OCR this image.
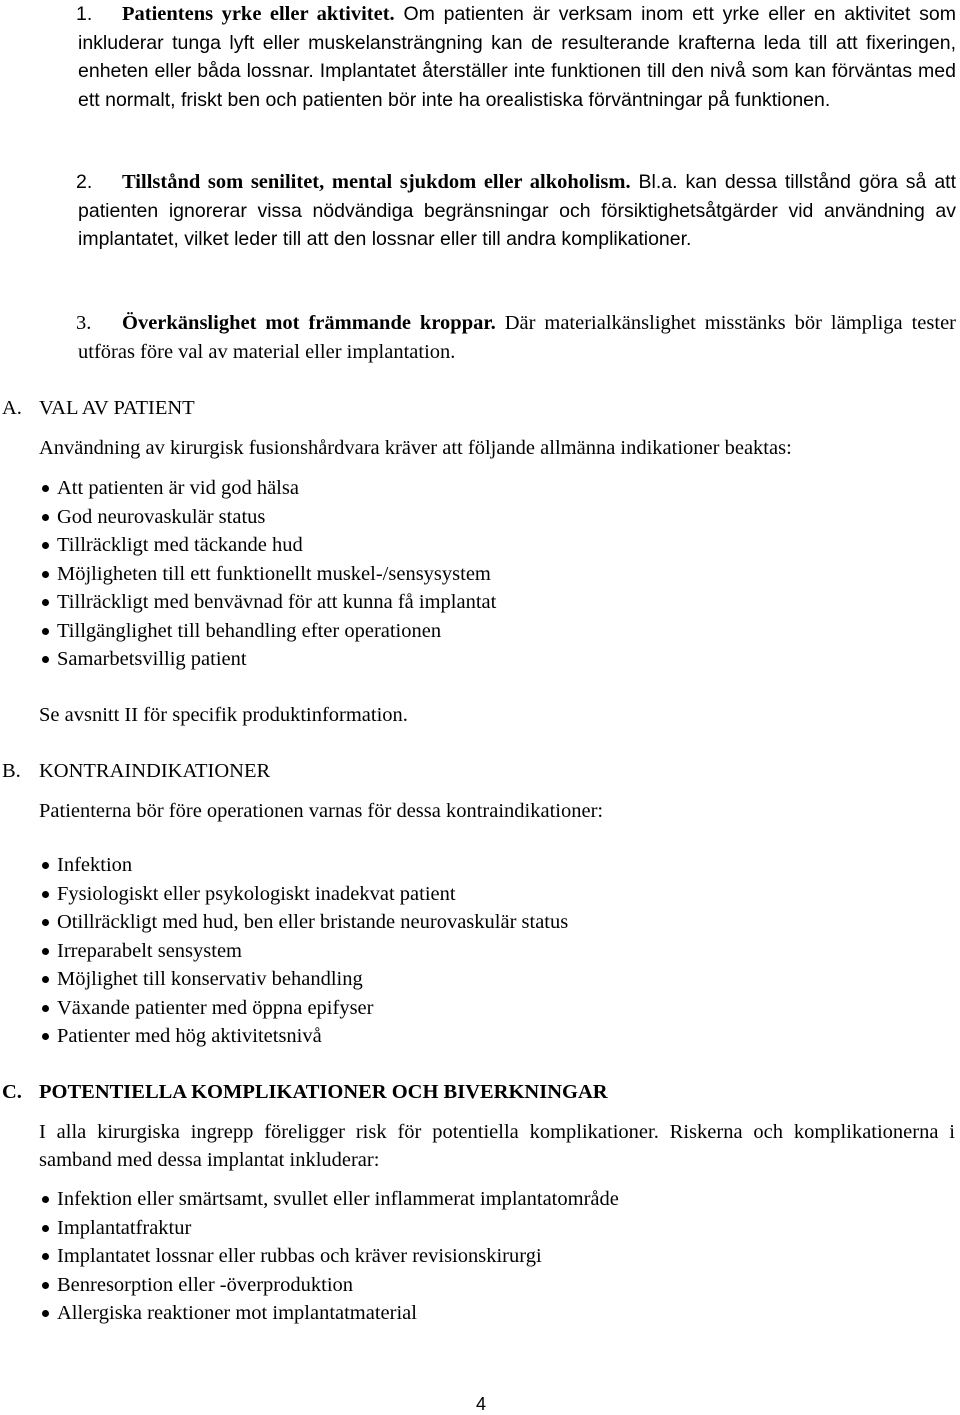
1.	Patientens yrke eller aktivitet. Om patienten är verksam inom ett yrke eller en aktivitet som inkluderar tunga lyft eller muskelansträngning kan de resulterande krafterna leda till att fixeringen, enheten eller båda lossnar. Implantatet återställer inte funktionen till den nivå som kan förväntas med ett normalt, friskt ben och patienten bör inte ha orealistiska förväntningar på funktionen.
2.	Tillstånd som senilitet, mental sjukdom eller alkoholism. Bl.a. kan dessa tillstånd göra så att patienten ignorerar vissa nödvändiga begränsningar och försiktighetsåtgärder vid användning av implantatet, vilket leder till att den lossnar eller till andra komplikationer.
3.	Överkänslighet mot främmande kroppar. Där materialkänslighet misstänks bör lämpliga tester utföras före val av material eller implantation.
A. VAL AV PATIENT
Användning av kirurgisk fusionshårdvara kräver att följande allmänna indikationer beaktas:
Att patienten är vid god hälsa
God neurovaskulär status
Tillräckligt med täckande hud
Möjligheten till ett funktionellt muskel-/sensysystem
Tillräckligt med benvävnad för att kunna få implantat
Tillgänglighet till behandling efter operationen
Samarbetsvillig patient
Se avsnitt II för specifik produktinformation.
B. KONTRAINDIKATIONER
Patienterna bör före operationen varnas för dessa kontraindikationer:
Infektion
Fysiologiskt eller psykologiskt inadekvat patient
Otillräckligt med hud, ben eller bristande neurovaskulär status
Irreparabelt sensystem
Möjlighet till konservativ behandling
Växande patienter med öppna epifyser
Patienter med hög aktivitetsnivå
C. POTENTIELLA KOMPLIKATIONER OCH BIVERKNINGAR
I alla kirurgiska ingrepp föreligger risk för potentiella komplikationer. Riskerna och komplikationerna i samband med dessa implantat inkluderar:
Infektion eller smärtsamt, svullet eller inflammerat implantatområde
Implantatfraktur
Implantatet lossnar eller rubbas och kräver revisionskirurgi
Benresorption eller -överproduktion
Allergiska reaktioner mot implantatmaterial
4
